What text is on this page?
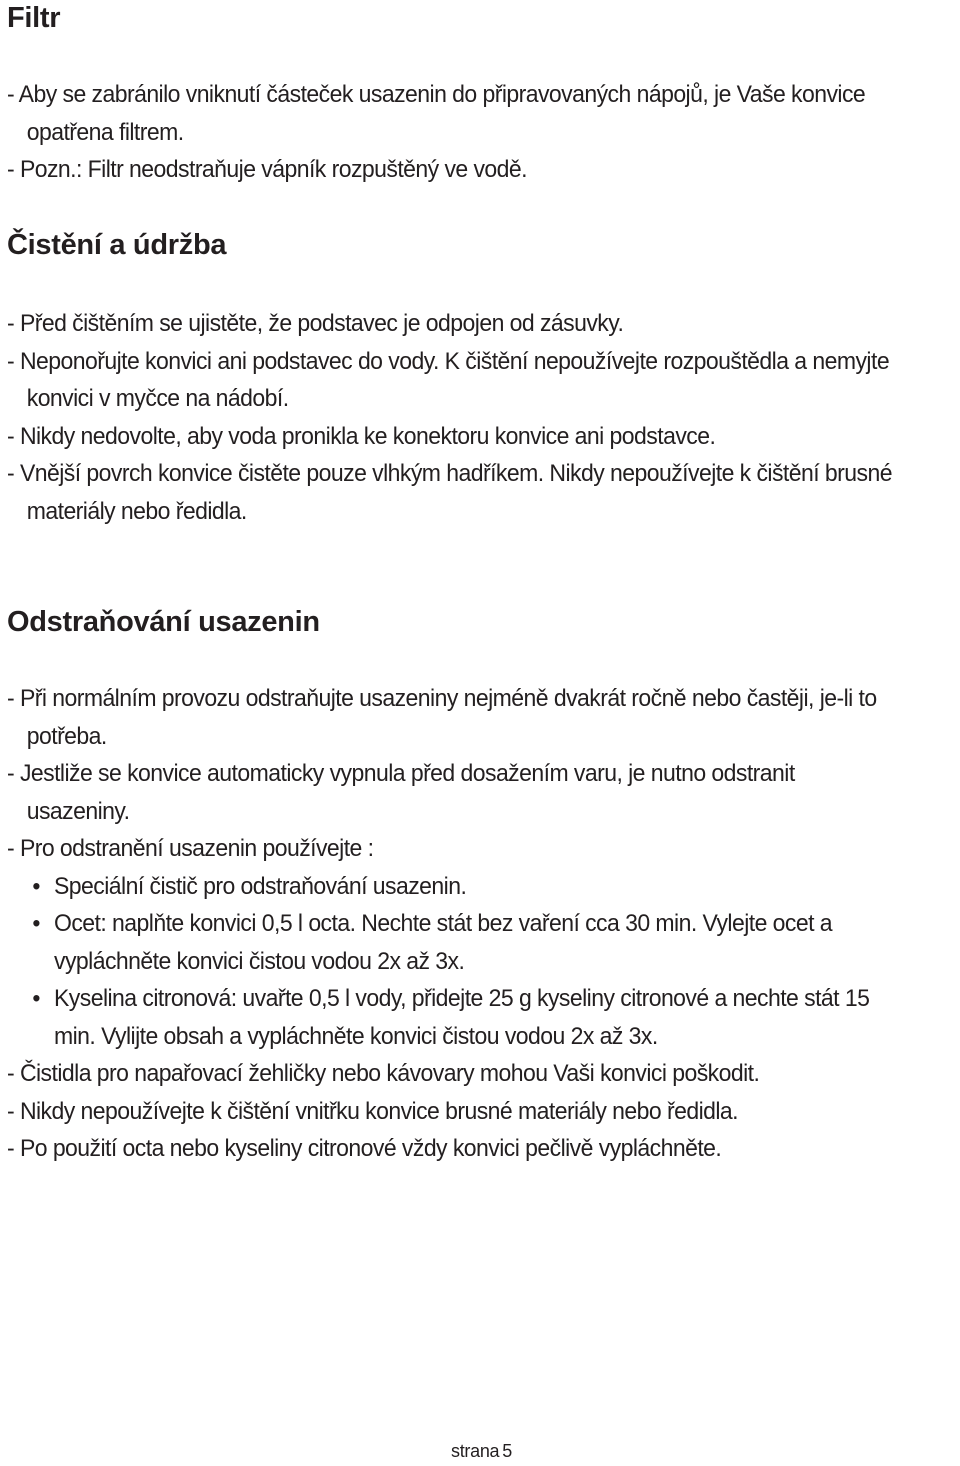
Filtr

- Aby se zabránilo vniknutí částeček usazenin do připravovaných nápojů, je Vaše konvice opatřena filtrem.

- Pozn.: Filtr neodstraňuje vápník rozpuštěný ve vodě.

Čistění a údržba

- Před čištěním se ujistěte, že podstavec je odpojen od zásuvky.

- Neponořujte konvici ani podstavec do vody. K čištění nepoužívejte rozpouštědla a nemyjte konvici v myčce na nádobí.

- Nikdy nedovolte, aby voda pronikla ke konektoru konvice ani podstavce.

- Vnější povrch konvice čistěte pouze vlhkým hadříkem. Nikdy nepoužívejte k čištění brusné materiály nebo ředidla.

Odstraňování usazenin

- Při normálním provozu odstraňujte usazeniny nejméně dvakrát ročně nebo častěji, je-li to potřeba.

- Jestliže se konvice automaticky vypnula před dosažením varu, je nutno odstranit usazeniny.

- Pro odstranění usazenin používejte :

• Speciální čistič pro odstraňování usazenin.

• Ocet: naplňte konvici 0,5 l octa. Nechte stát bez vaření cca 30 min. Vylejte ocet a vypláchněte konvici čistou vodou 2x až 3x.

• Kyselina citronová: uvařte 0,5 l vody, přidejte 25 g kyseliny citronové a nechte stát 15 min. Vylijte obsah a vypláchněte konvici čistou vodou 2x až 3x.

- Čistidla pro napařovací žehličky nebo kávovary mohou Vaši konvici poškodit.

- Nikdy nepoužívejte k čištění vnitřku konvice brusné materiály nebo ředidla.

- Po použití octa nebo kyseliny citronové vždy konvici pečlivě vypláchněte.

strana 5
